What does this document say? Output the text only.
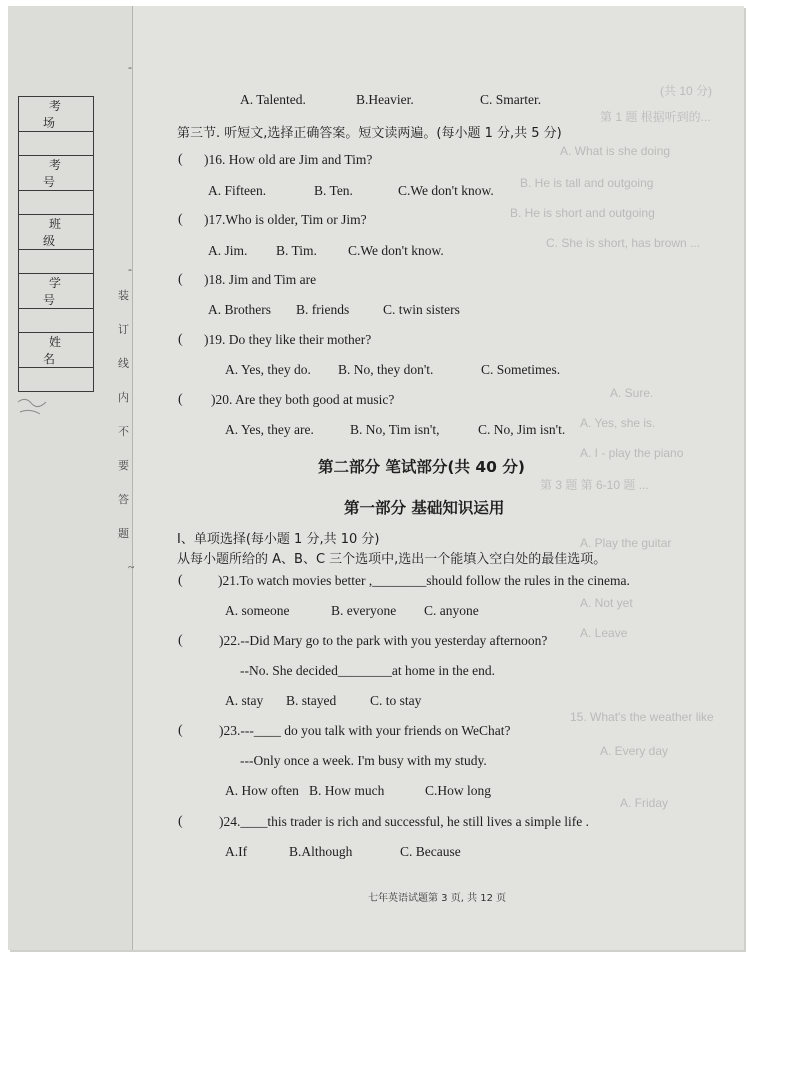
(共 10 分)
第 1 题 根据听到的...
A. What is she doing
B. He is tall and outgoing
B. He is short and outgoing
C. She is short, has brown ...
A. Sure.
A. Yes, she is.
A. I - play the piano
A. Play the guitar
第 3 题 第 6-10 题 ...
A. Not yet
A. Leave
15. What's the weather like
A. Every day
A. Friday
考 场

考 号

班 级

学 号

姓 名

-
-
~
装
订
线
内
不
要
答
题
A. Talented.	B.Heavier.	C. Smarter.
第三节. 听短文,选择正确答案。短文读两遍。(每小题 1 分,共 5 分)
( )16. How old are Jim and Tim?
A. Fifteen.	B. Ten.	C.We don't know.
( )17.Who is older, Tim or Jim?
A. Jim. B. Tim. C.We don't know.
( )18. Jim and Tim are
A. Brothers B. friends	C. twin sisters
( )19. Do they like their mother?
A. Yes, they do. B. No, they don't.	C. Sometimes.
( )20. Are they both good at music?
A. Yes, they are.	B. No, Tim isn't,	C. No, Jim isn't.
第二部分 笔试部分(共 40 分)
第一部分 基础知识运用
I、单项选择(每小题 1 分,共 10 分)
从每小题所给的 A、B、C 三个选项中,选出一个能填入空白处的最佳选项。
(	)21.To watch movies better ,________should follow the rules in the cinema.
A. someone	B. everyone C. anyone
(	)22.--Did Mary go to the park with you yesterday afternoon?
--No. She decided________at home in the end.
A. stay B. stayed	C. to stay
(	)23.---____ do you talk with your friends on WeChat?
---Only once a week. I'm busy with my study.
A. How often B. How much	C.How long
(	)24.____this trader is rich and successful, he still lives a simple life .
A.If	B.Although	C. Because
七年英语试题第 3 页, 共 12 页
